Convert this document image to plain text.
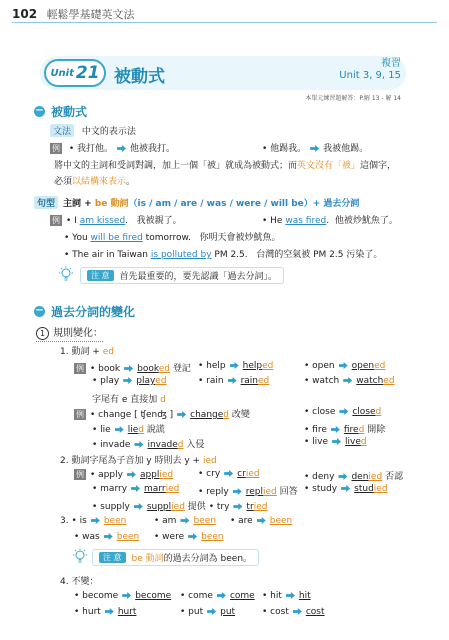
102 輕鬆學基礎英文法
Unit 21 被動式
複習
Unit 3, 9, 15
本單元練習題解答：P.解 13 - 解 14
− 被動式
文法 中文的表示法
例 • 我打他。 他被我打。	• 他踢我。 我被他踢。
將中文的主詞和受詞對調，加上一個「被」就成為被動式；而英文沒有「被」這個字，
必須以結構來表示。
句型 主詞 + be 動詞（is / am / are / was / were / will be）+ 過去分詞
例 • I am kissed. 我被親了。	• He was fired. 他被炒魷魚了。
• You will be fired tomorrow. 你明天會被炒魷魚。
• The air in Taiwan is polluted by PM 2.5. 台灣的空氣被 PM 2.5 污染了。
注 意	首先最重要的，要先認識「過去分詞」。
− 過去分詞的變化
1 規則變化：
1. 動詞 + ed
例 • book booked 登記 • help helped	• open opened
• play played	• rain rained	• watch watched
字尾有 e 直接加 d
例 • change [ ʧenʤ ] changed 改變	• close closed
• lie lied 說謊	• fire fired 開除
• invade invaded 入侵	• live lived
2. 動詞字尾為子音加 y 時則去 y + ied
例 • apply applied	• cry cried	• deny denied 否認
• marry married • reply replied 回答 • study studied
• supply supplied 提供 • try tried
3. • is been	• am been • are been
• was been • were been
注 意	be 動詞 的過去分詞為 been。
4. 不變：
• become become • come come • hit hit
• hurt hurt	• put put	• cost cost
